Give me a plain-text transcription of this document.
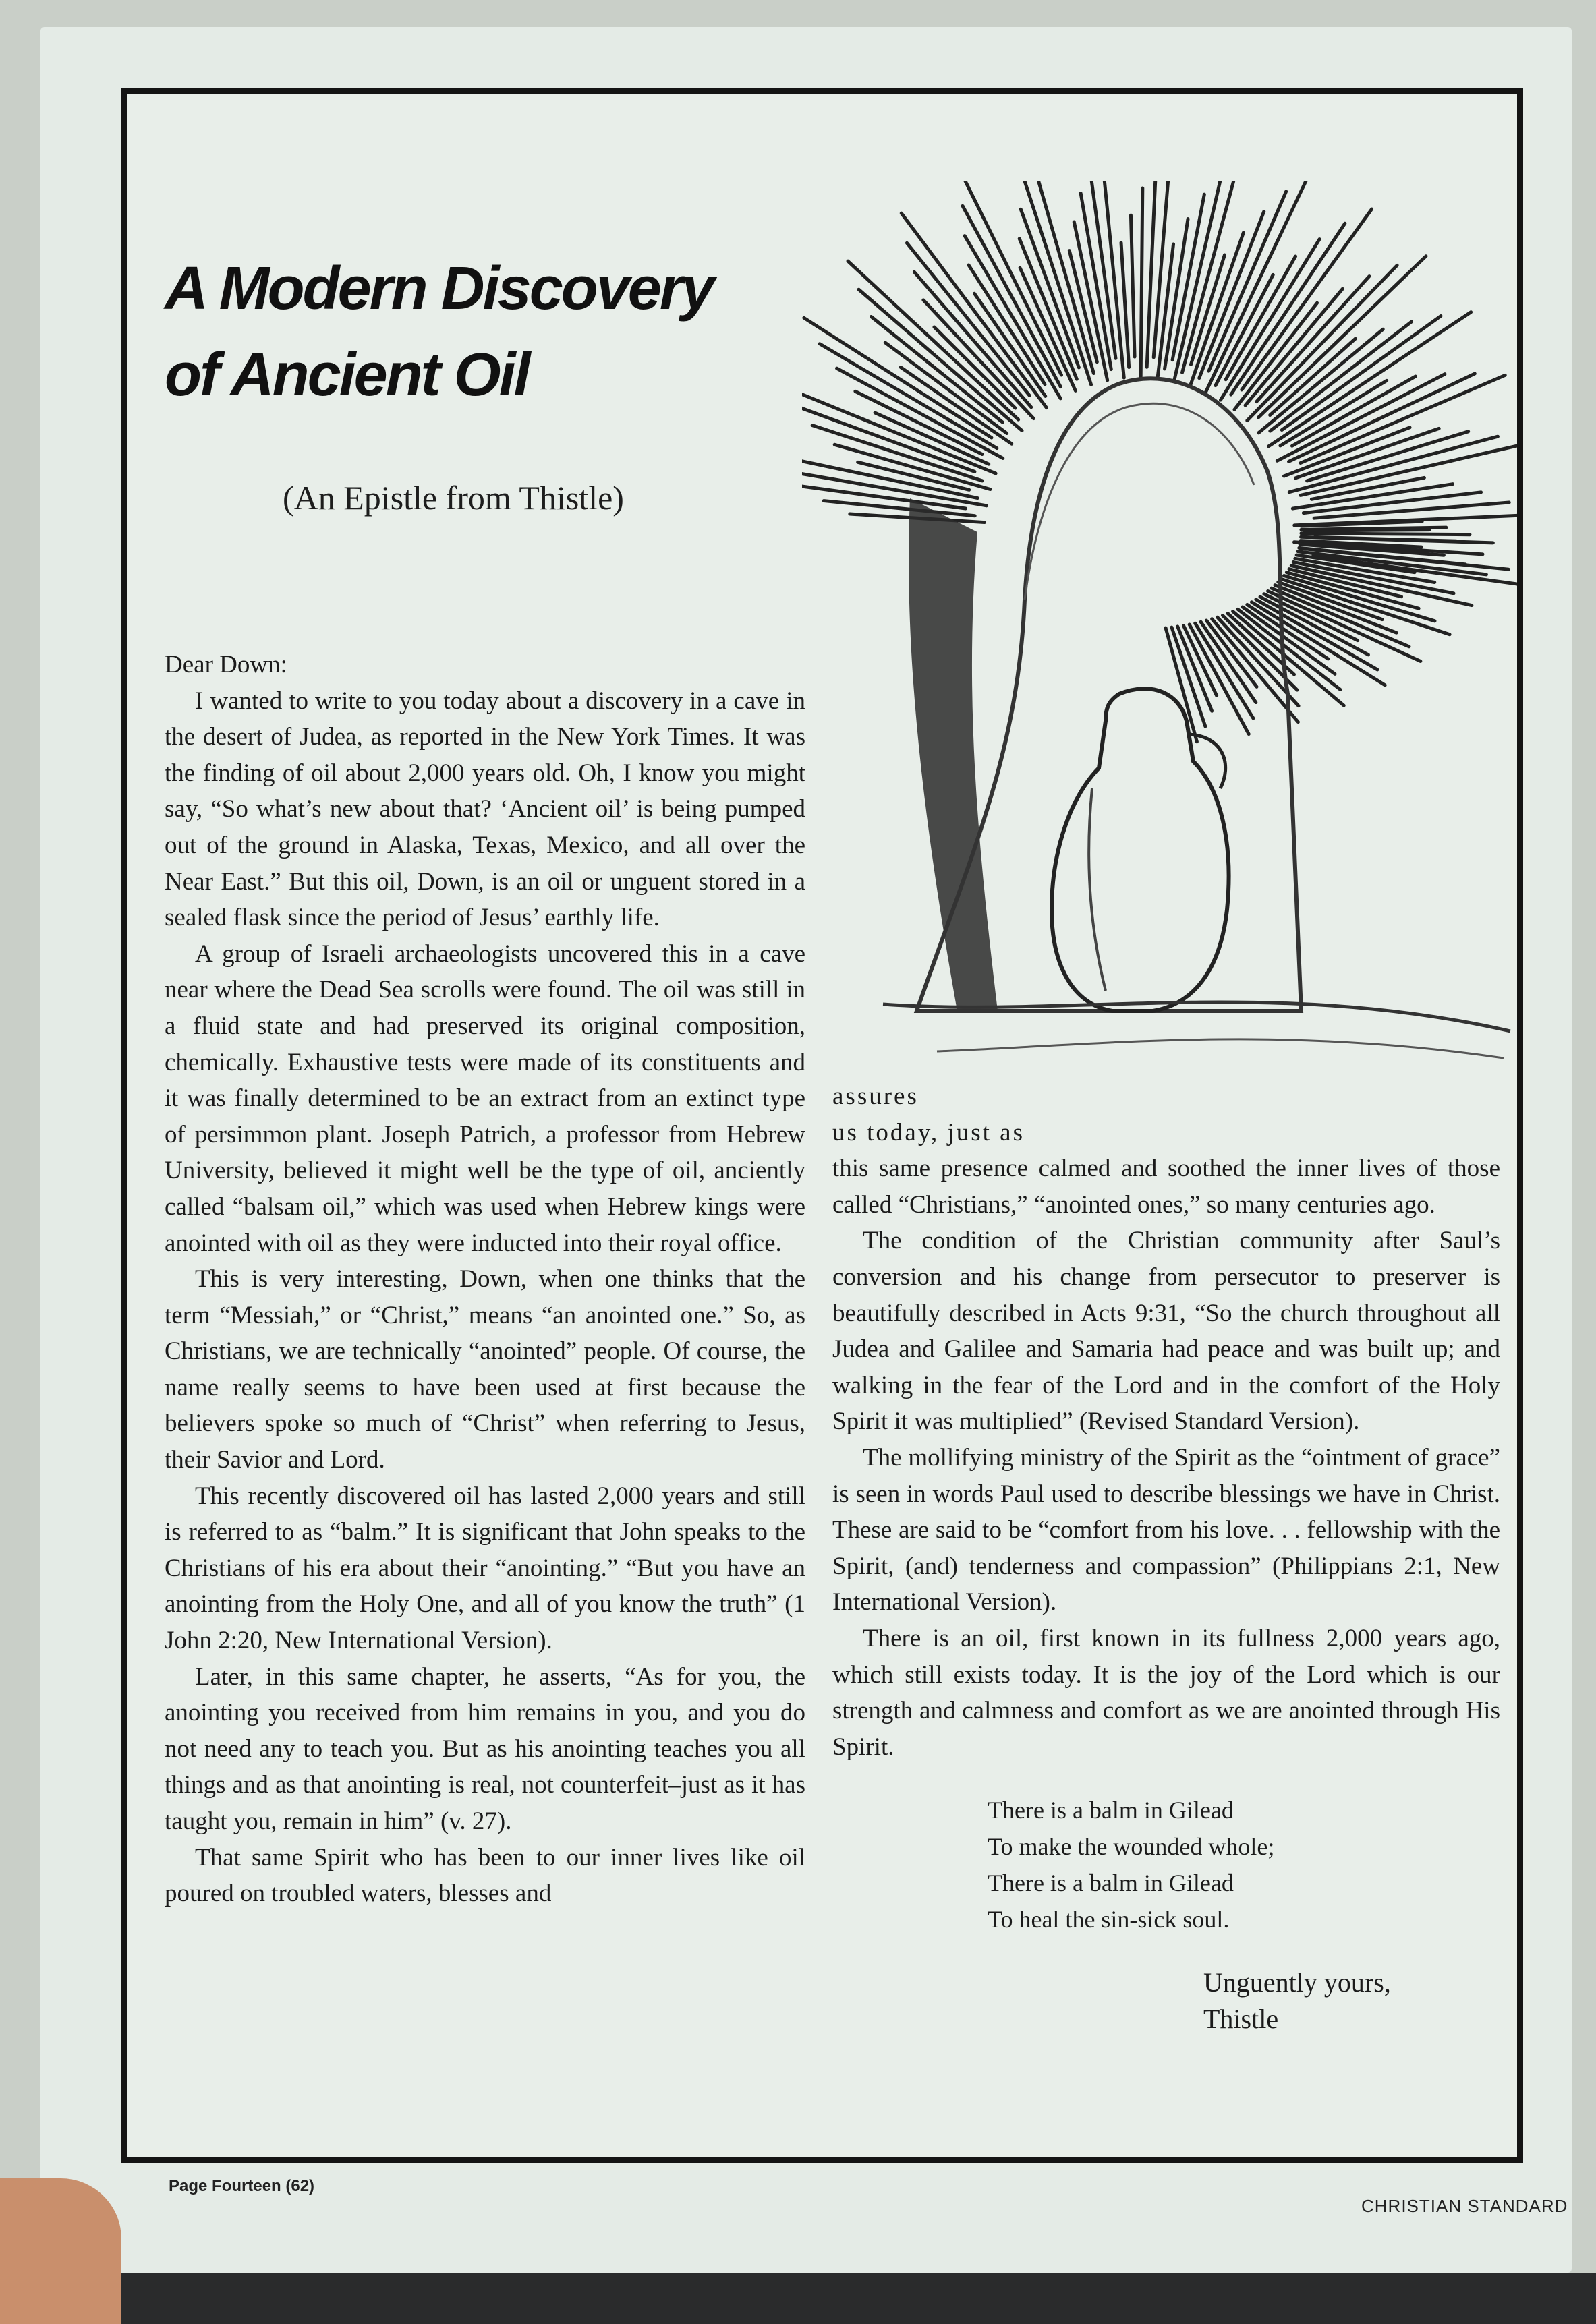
A Modern Discovery
of Ancient Oil
(An Epistle from Thistle)

Dear Down:

I wanted to write to you today about a discovery in a cave in the desert of Judea, as reported in the New York Times. It was the finding of oil about 2,000 years old. Oh, I know you might say, “So what’s new about that? ‘Ancient oil’ is being pumped out of the ground in Alaska, Texas, Mexico, and all over the Near East.” But this oil, Down, is an oil or unguent stored in a sealed flask since the period of Jesus’ earthly life.

A group of Israeli archaeologists uncovered this in a cave near where the Dead Sea scrolls were found. The oil was still in a fluid state and had preserved its original composition, chemically. Exhaustive tests were made of its constituents and it was finally determined to be an extract from an extinct type of persimmon plant. Joseph Patrich, a professor from Hebrew University, believed it might well be the type of oil, anciently called “balsam oil,” which was used when Hebrew kings were anointed with oil as they were inducted into their royal office.

This is very interesting, Down, when one thinks that the term “Messiah,” or “Christ,” means “an anointed one.” So, as Christians, we are technically “anointed” people. Of course, the name really seems to have been used at first because the believers spoke so much of “Christ” when referring to Jesus, their Savior and Lord.

This recently discovered oil has lasted 2,000 years and still is referred to as “balm.” It is significant that John speaks to the Christians of his era about their “anointing.” “But you have an anointing from the Holy One, and all of you know the truth” (1 John 2:20, New International Version).

Later, in this same chapter, he asserts, “As for you, the anointing you received from him remains in you, and you do not need any to teach you. But as his anointing teaches you all things and as that anointing is real, not counterfeit–just as it has taught you, remain in him” (v. 27).

That same Spirit who has been to our inner lives like oil poured on troubled waters, blesses and

assures

us today, just as

this same presence calmed and soothed the inner lives of those called “Christians,” “anointed ones,” so many centuries ago.

The condition of the Christian community after Saul’s conversion and his change from persecutor to preserver is beautifully described in Acts 9:31, “So the church throughout all Judea and Galilee and Samaria had peace and was built up; and walking in the fear of the Lord and in the comfort of the Holy Spirit it was multiplied” (Revised Standard Version).

The mollifying ministry of the Spirit as the “ointment of grace” is seen in words Paul used to describe blessings we have in Christ. These are said to be “comfort from his love. . . fellowship with the Spirit, (and) tenderness and compassion” (Philippians 2:1, New International Version).

There is an oil, first known in its fullness 2,000 years ago, which still exists today. It is the joy of the Lord which is our strength and calmness and comfort as we are anointed through His Spirit.

There is a balm in Gilead
To make the wounded whole;
There is a balm in Gilead
To heal the sin-sick soul.
Unguently yours,
Thistle
Page Fourteen (62)
CHRISTIAN STANDARD
